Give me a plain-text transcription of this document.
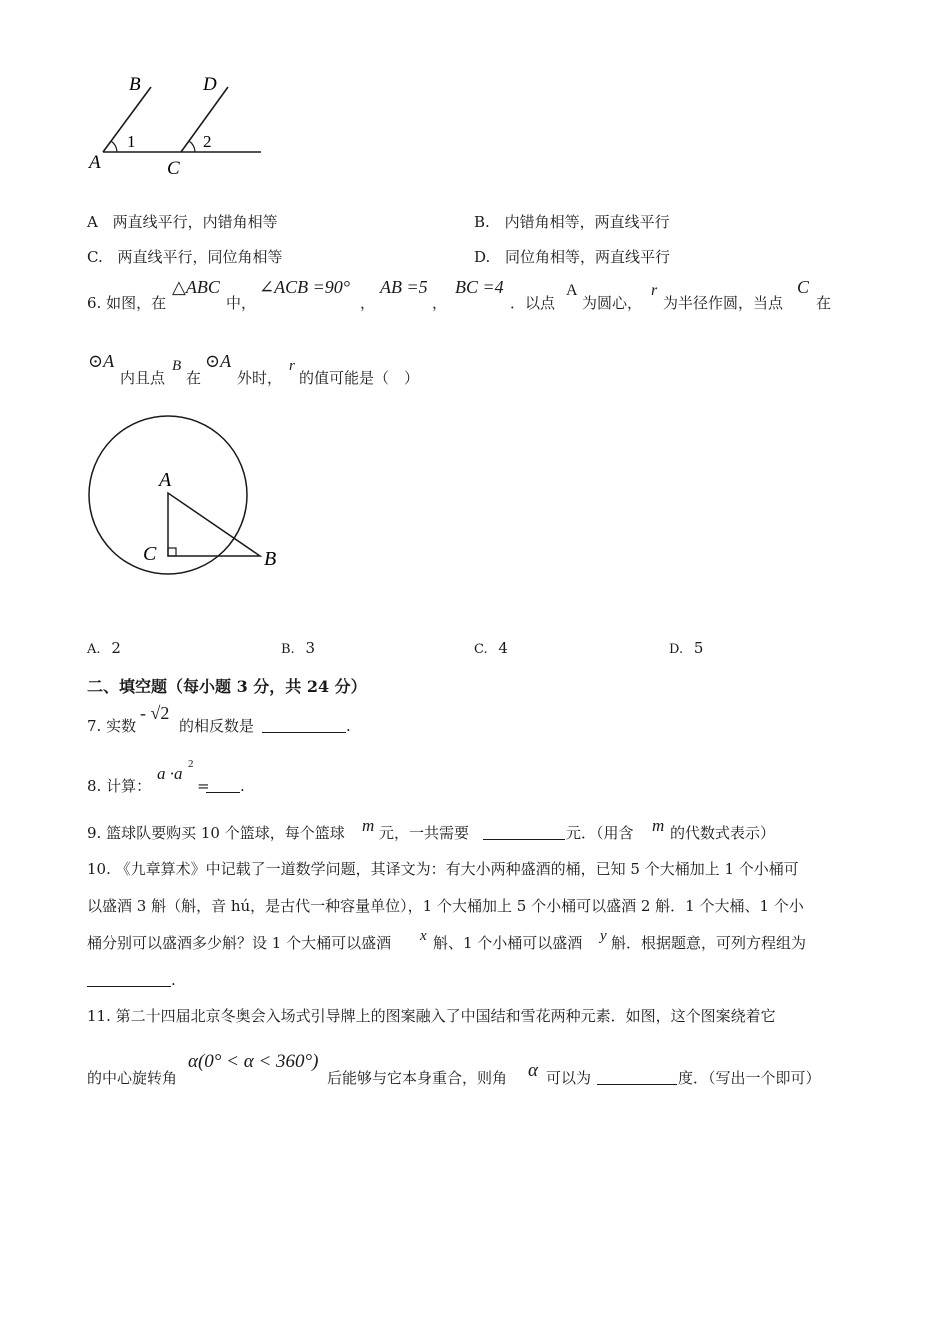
B	D
A	C
1	2
A 两直线平行，内错角相等	B. 内错角相等，两直线平行
C. 两直线平行，同位角相等	D. 同位角相等，两直线平行
6. 如图，在
△ABC
中，
∠ACB =90°
，
AB =5
，
BC =4
．以点
A
为圆心，
r
为半径作圆，当点
C
在
⊙A
内且点
B
在
⊙A
外时，
r
的值可能是（　）
A
C	B
A. 2	B. 3	C. 4	D. 5
二、填空题（每小题 3 分，共 24 分）
7. 实数
- √2
的相反数是	.
8. 计算：
a ·a 2
= .
9. 篮球队要购买 10 个篮球，每个篮球 m 元，一共需要	元．（用含 m 的代数式表示）
10. 《九章算术》中记载了一道数学问题，其译文为：有大小两种盛酒的桶，已知 5 个大桶加上 1 个小桶可
以盛酒 3 斛（斛，音 hú，是古代一种容量单位），1 个大桶加上 5 个小桶可以盛酒 2 斛．1 个大桶、1 个小
桶分别可以盛酒多少斛？设 1 个大桶可以盛酒 x 斛、1 个小桶可以盛酒 y 斛．根据题意，可列方程组为
.
11. 第二十四届北京冬奥会入场式引导牌上的图案融入了中国结和雪花两种元素．如图，这个图案绕着它
的中心旋转角
α(0° < α < 360°)
后能够与它本身重合，则角 α 可以为	度．（写出一个即可）
